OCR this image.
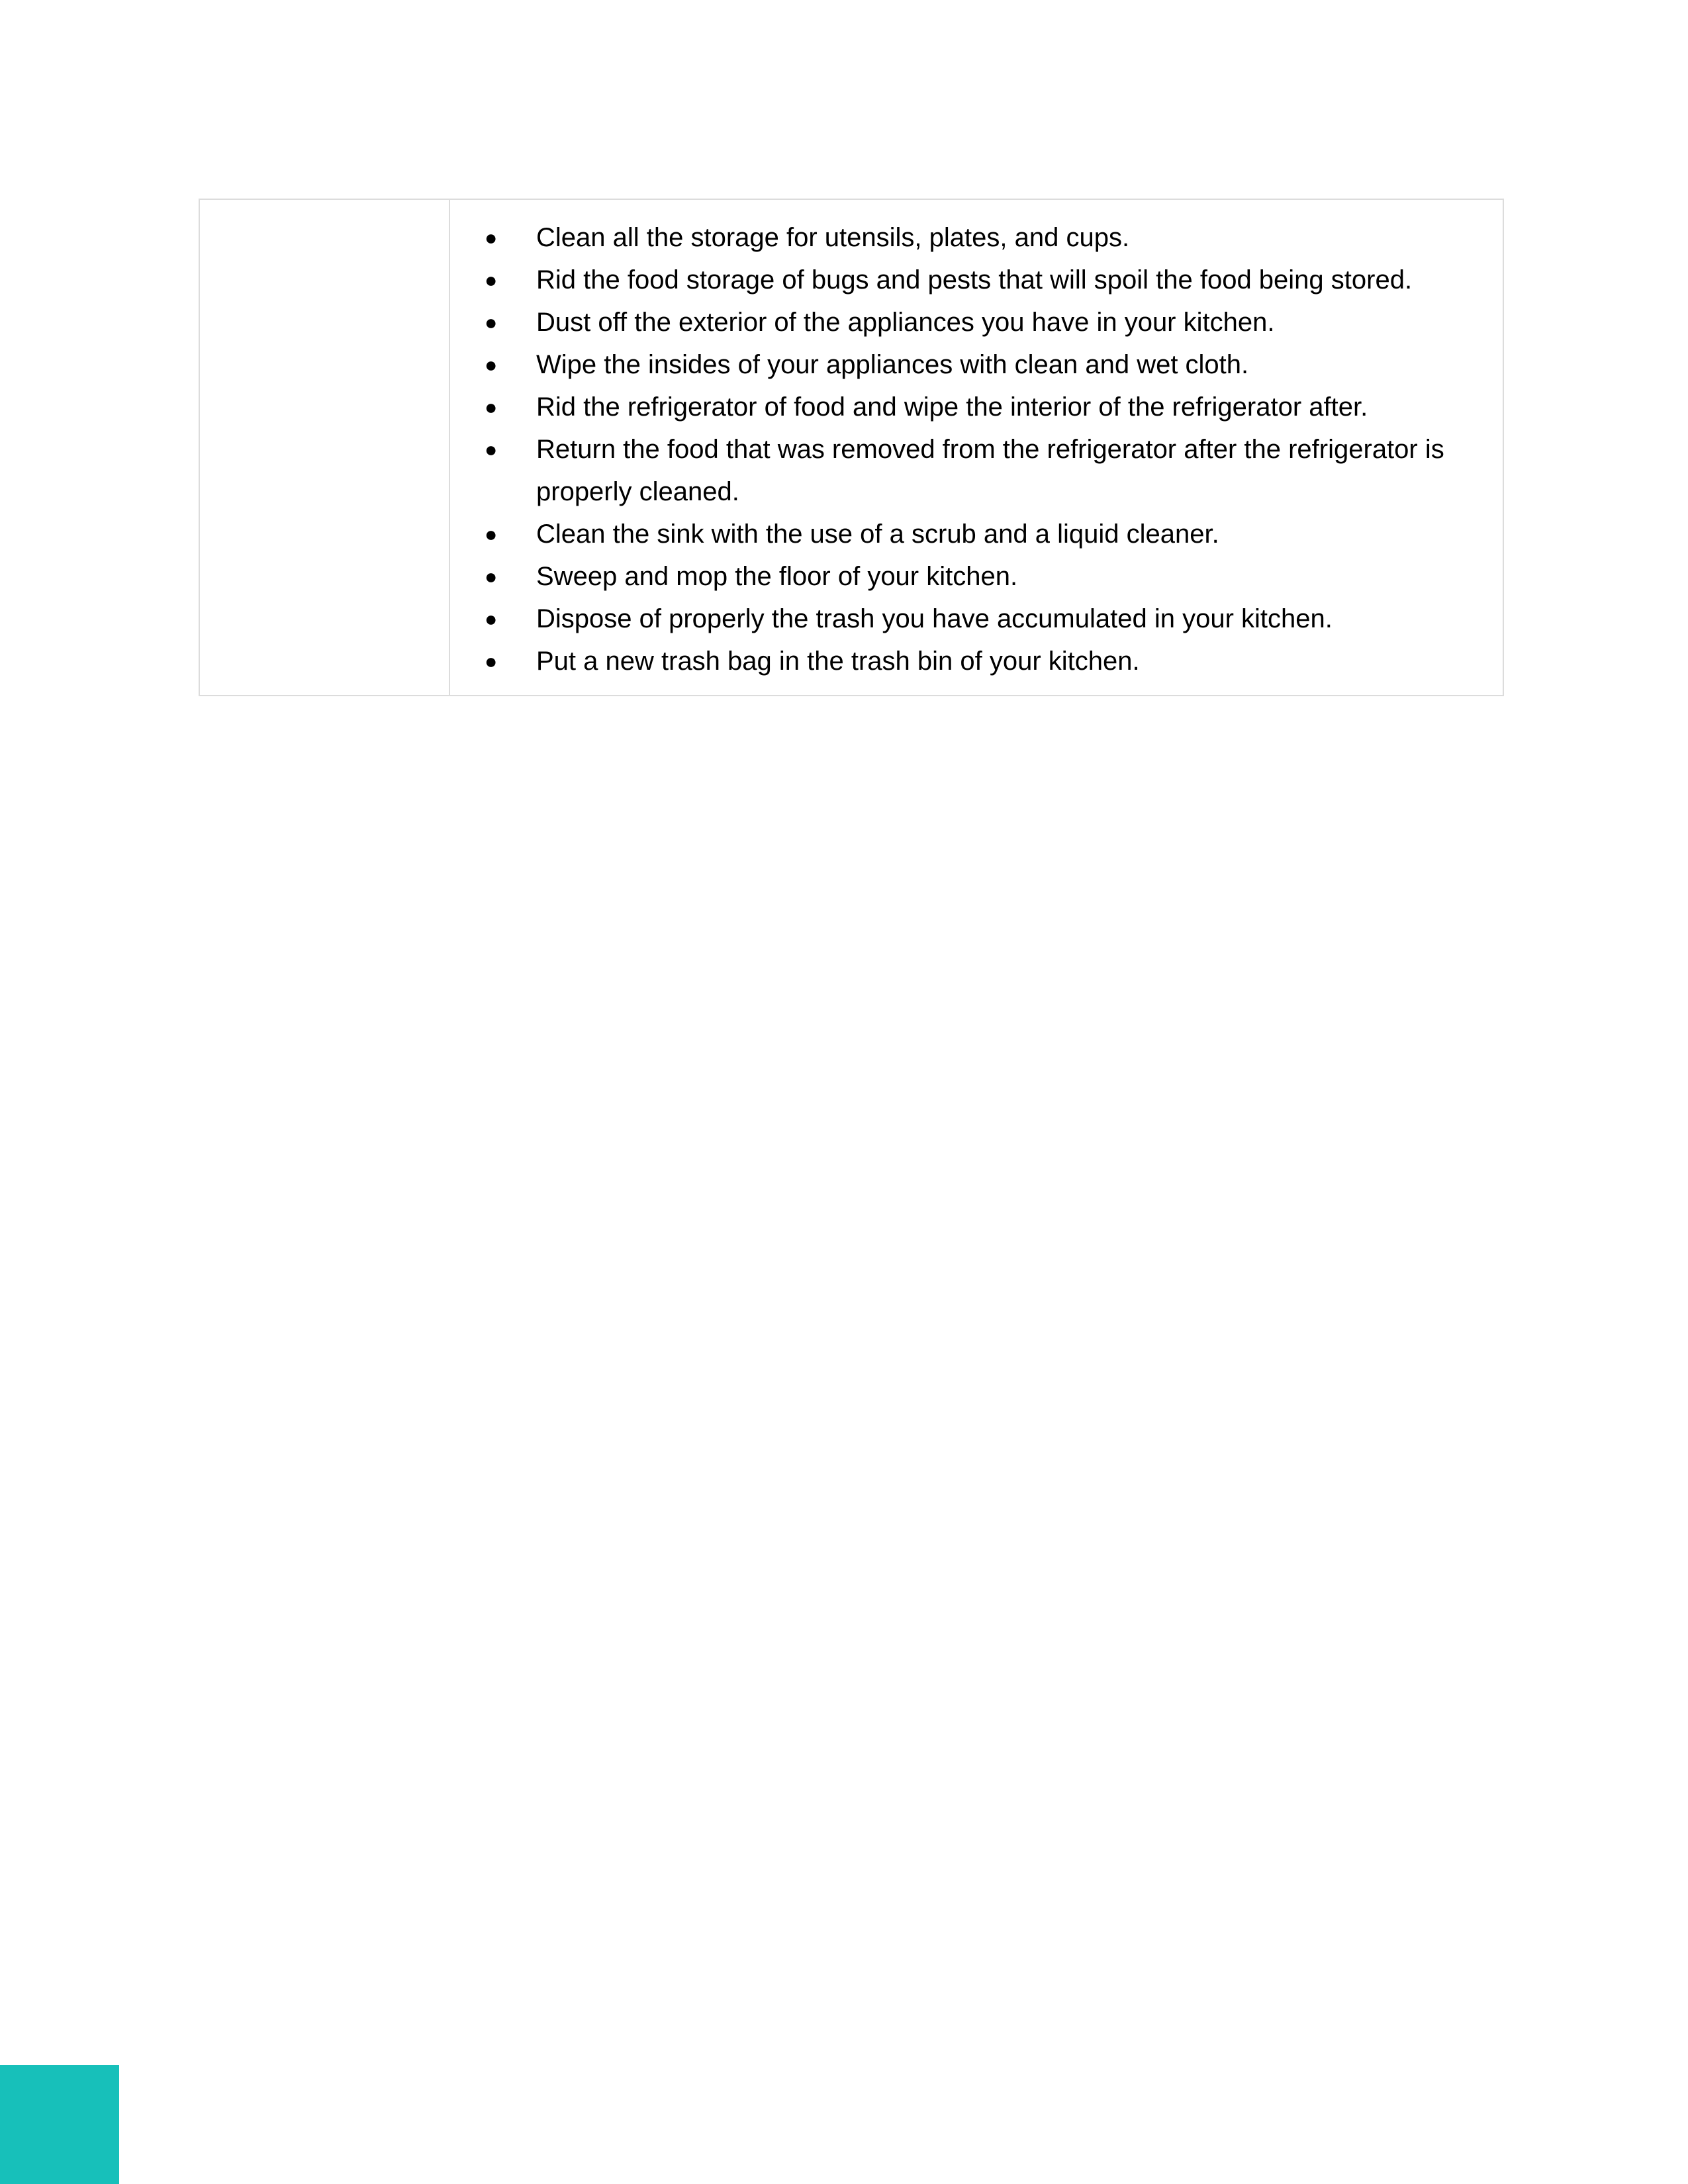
● Clean all the storage for utensils, plates, and cups.
● Rid the food storage of bugs and pests that will spoil the food being stored.
● Dust off the exterior of the appliances you have in your kitchen.
● Wipe the insides of your appliances with clean and wet cloth.
● Rid the refrigerator of food and wipe the interior of the refrigerator after.
● Return the food that was removed from the refrigerator after the refrigerator is properly cleaned.
● Clean the sink with the use of a scrub and a liquid cleaner.
● Sweep and mop the floor of your kitchen.
● Dispose of properly the trash you have accumulated in your kitchen.
● Put a new trash bag in the trash bin of your kitchen.
